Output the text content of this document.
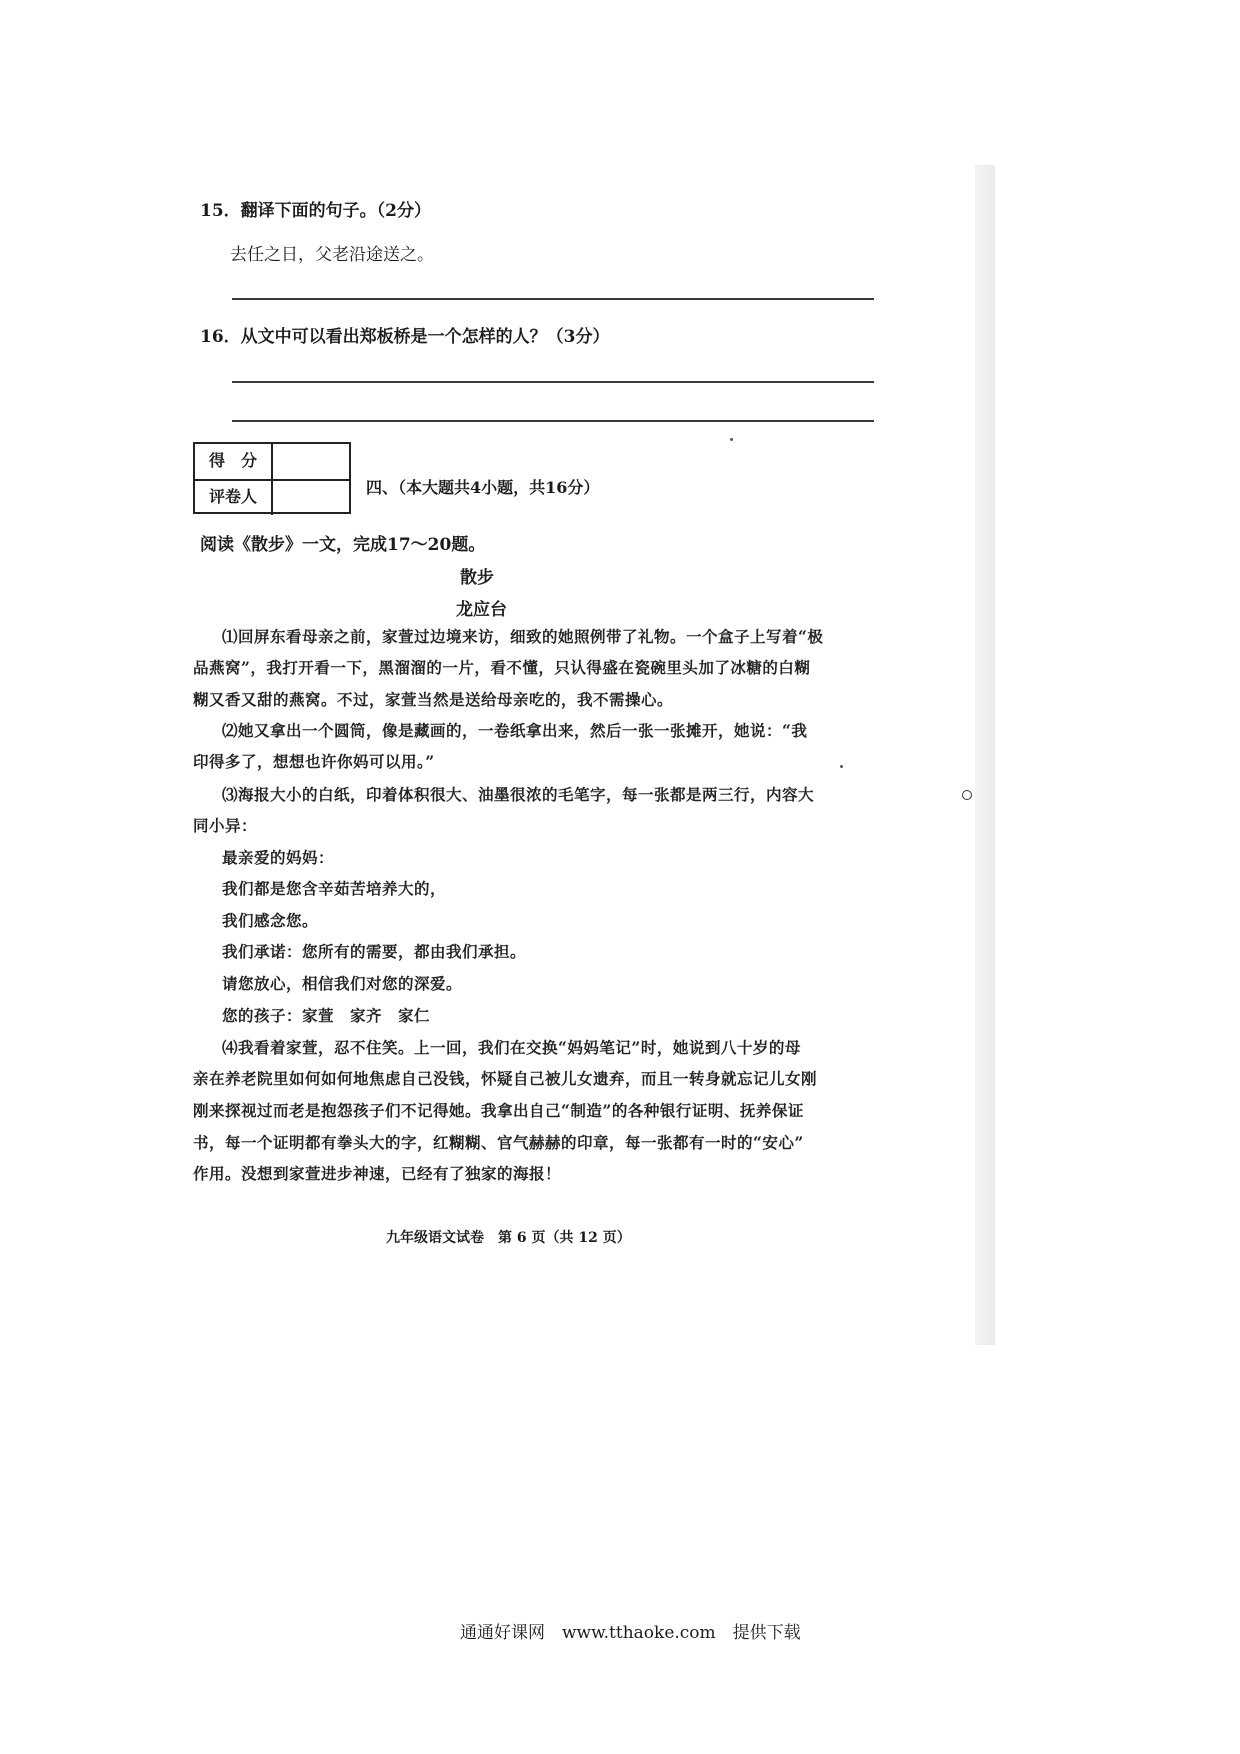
15．翻译下面的句子。（2分）
去任之日，父老沿途送之。
16．从文中可以看出郑板桥是一个怎样的人？（3分）
得　分
评卷人	四、（本大题共4小题，共16分）
阅读《散步》一文，完成17～20题。
散步
龙应台
⑴回屏东看母亲之前，家萱过边境来访，细致的她照例带了礼物。一个盒子上写着“极
品燕窝”，我打开看一下，黑溜溜的一片，看不懂，只认得盛在瓷碗里头加了冰糖的白糊
糊又香又甜的燕窝。不过，家萱当然是送给母亲吃的，我不需操心。
⑵她又拿出一个圆筒，像是藏画的，一卷纸拿出来，然后一张一张摊开，她说：“我
印得多了，想想也许你妈可以用。”
⑶海报大小的白纸，印着体积很大、油墨很浓的毛笔字，每一张都是两三行，内容大
同小异：
最亲爱的妈妈：
我们都是您含辛茹苦培养大的，
我们感念您。
我们承诺：您所有的需要，都由我们承担。
请您放心，相信我们对您的深爱。
您的孩子：家萱　家齐　家仁
⑷我看着家萱，忍不住笑。上一回，我们在交换“妈妈笔记”时，她说到八十岁的母
亲在养老院里如何如何地焦虑自己没钱，怀疑自己被儿女遗弃，而且一转身就忘记儿女刚
刚来探视过而老是抱怨孩子们不记得她。我拿出自己“制造”的各种银行证明、抚养保证
书，每一个证明都有拳头大的字，红糊糊、官气赫赫的印章，每一张都有一时的“安心”
作用。没想到家萱进步神速，已经有了独家的海报！
九年级语文试卷　第 6 页（共 12 页）
通通好课网　www.tthaoke.com　提供下载
